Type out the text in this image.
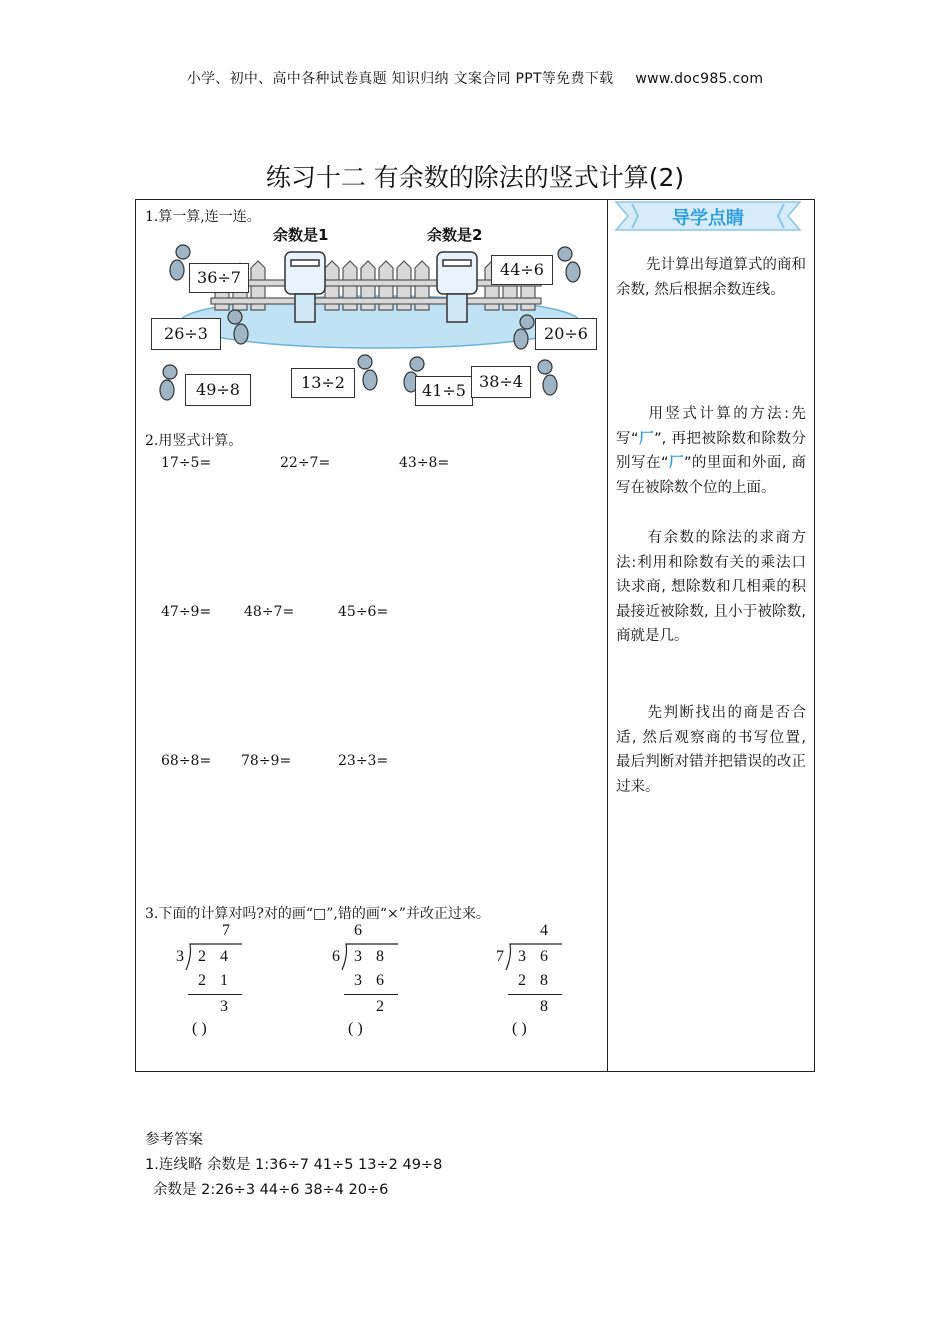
小学、初中、高中各种试卷真题 知识归纳 文案合同 PPT等免费下载 www.doc985.com
练习十二 有余数的除法的竖式计算(2)
1.算一算,连一连。
余数是1	余数是2
36÷7	44÷6
26÷3	20÷6
49÷8	13÷2	41÷5 38÷4
2.用竖式计算。
17÷5=	22÷7=	43÷8=
47÷9= 48÷7=	45÷6=
68÷8= 78÷9=	23÷3=
3.下面的计算对吗?对的画“□”,错的画“×”并改正过来。
7
3 2 4
2 1
3
( )
6
6 3 8
3 6
2
( )
4
7 3 6
2 8
8
( )
导学点睛
先计算出每道算式的商和余数, 然后根据余数连线。
用竖式计算的方法:先写“厂”, 再把被除数和除数分别写在“厂”的里面和外面, 商写在被除数个位的上面。
有余数的除法的求商方法:利用和除数有关的乘法口诀求商, 想除数和几相乘的积最接近被除数, 且小于被除数, 商就是几。
先判断找出的商是否合适, 然后观察商的书写位置, 最后判断对错并把错误的改正过来。
参考答案
1.连线略 余数是 1:36÷7 41÷5 13÷2 49÷8
余数是 2:26÷3 44÷6 38÷4 20÷6
